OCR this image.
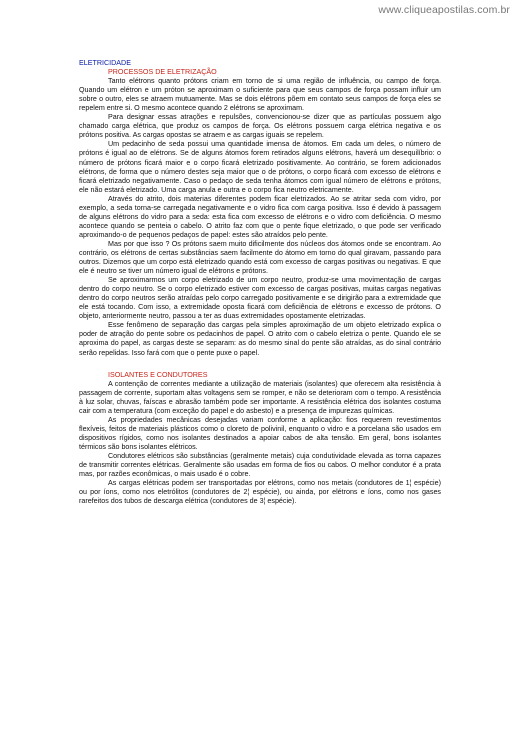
www.cliqueapostilas.com.br
ELETRICIDADE
PROCESSOS DE ELETRIZAÇÃO

Tanto elétrons quanto prótons criam em torno de si uma região de influência, ou campo de força. Quando um elétron e um próton se aproximam o suficiente para que seus campos de força possam influir um sobre o outro, eles se atraem mutuamente. Mas se dois elétrons põem em contato seus campos de força eles se repelem entre si. O mesmo acontece quando 2 elétrons se aproximam.

Para designar essas atrações e repulsões, convencionou-se dizer que as partículas possuem algo chamado carga elétrica, que produz os campos de força. Os elétrons possuem carga elétrica negativa e os prótons positiva. As cargas opostas se atraem e as cargas iguais se repelem.

Um pedacinho de seda possui uma quantidade imensa de átomos. Em cada um deles, o número de prótons é igual ao de elétrons. Se de alguns átomos forem retirados alguns elétrons, haverá um desequilíbrio: o número de prótons ficará maior e o corpo ficará eletrizado positivamente. Ao contrário, se forem adicionados elétrons, de forma que o número destes seja maior que o de prótons, o corpo ficará com excesso de elétrons e ficará eletrizado negativamente. Caso o pedaço de seda tenha átomos com igual número de elétrons e prótons, ele não estará eletrizado. Uma carga anula e outra e o corpo fica neutro eletricamente.

Através do atrito, dois materias diferentes podem ficar eletrizados. Ao se atritar seda com vidro, por exemplo, a seda torna-se carregada negativamente e o vidro fica com carga positiva. Isso é devido à passagem de alguns elétrons do vidro para a seda: esta fica com excesso de elétrons e o vidro com deficiência. O mesmo acontece quando se penteia o cabelo. O atrito faz com que o pente fique eletrizado, o que pode ser verificado aproximando-o de pequenos pedaços de papel: estes são atraídos pelo pente.

Mas por que isso ? Os prótons saem muito dificilmente dos núcleos dos átomos onde se encontram. Ao contrário, os elétrons de certas substâncias saem facilmente do átomo em torno do qual giravam, passando para outros. Dizemos que um corpo está eletrizado quando está com excesso de cargas positivas ou negativas. E que ele é neutro se tiver um número igual de elétrons e prótons.

Se aproximarmos um corpo eletrizado de um corpo neutro, produz-se uma movimentação de cargas dentro do corpo neutro. Se o corpo eletrizado estiver com excesso de cargas positivas, muitas cargas negativas dentro do corpo neutros serão atraídas pelo corpo carregado positivamente e se dirigirão para a extremidade que ele está tocando. Com isso, a extremidade oposta ficará com deficiência de elétrons e excesso de prótons. O objeto, anteriormente neutro, passou a ter as duas extremidades opostamente eletrizadas.

Esse fenômeno de separação das cargas pela simples aproximação de um objeto eletrizado explica o poder de atração do pente sobre os pedacinhos de papel. O atrito com o cabelo eletriza o pente. Quando ele se aproxima do papel, as cargas deste se separam: as do mesmo sinal do pente são atraídas, as do sinal contrário serão repelidas. Isso fará com que o pente puxe o papel.

ISOLANTES E CONDUTORES

A contenção de correntes mediante a utilização de materiais (isolantes) que oferecem alta resistência à passagem de corrente, suportam altas voltagens sem se romper, e não se deterioram com o tempo. A resistência à luz solar, chuvas, faíscas e abrasão também pode ser importante. A resistência elétrica dos isolantes costuma cair com a temperatura (com exceção do papel e do asbesto) e a presença de impurezas químicas.

As propriedades mecânicas desejadas variam conforme a aplicação: fios requerem revestimentos flexíveis, feitos de materiais plásticos como o cloreto de polivinil, enquanto o vidro e a porcelana são usados em dispositivos rígidos, como nos isolantes destinados a apoiar cabos de alta tensão. Em geral, bons isolantes térmicos são bons isolantes elétricos.

Condutores elétricos são substâncias (geralmente metais) cuja condutividade elevada as torna capazes de transmitir correntes elétricas. Geralmente são usadas em forma de fios ou cabos. O melhor condutor é a prata mas, por razões econômicas, o mais usado é o cobre.

As cargas elétricas podem ser transportadas por elétrons, como nos metais (condutores de 1¦ espécie) ou por íons, como nos eletrólitos (condutores de 2¦ espécie), ou ainda, por elétrons e íons, como nos gases rarefeitos dos tubos de descarga elétrica (condutores de 3¦ espécie).
